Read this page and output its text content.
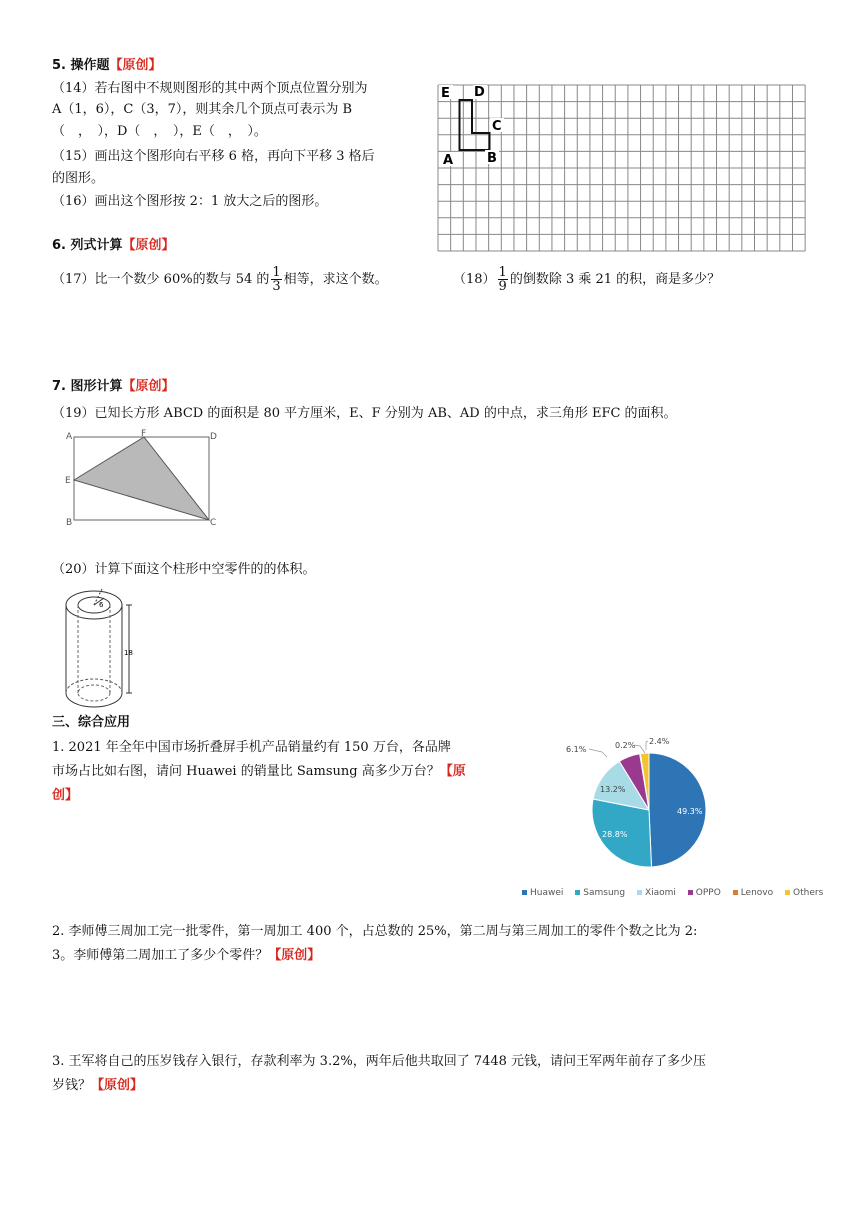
5. 操作题【原创】
（14）若右图中不规则图形的其中两个顶点位置分别为
A（1，6），C（3，7），则其余几个顶点可表示为 B
（　，　），D（　，　），E（　，　）。
（15）画出这个图形向右平移 6 格，再向下平移 3 格后
的图形。
（16）画出这个图形按 2：1 放大之后的图形。
E D
C
A	B
6. 列式计算【原创】
（17）比一个数少 60%的数与 54 的 $\frac{1}{3}$ 相等，求这个数。	$(18) \frac{1}{9}$ 的倒数除 3 乘 21 的积，商是多少？
7. 图形计算【原创】
（19）已知长方形 ABCD 的面积是 80 平方厘米，E、F 分别为 AB、AD 的中点，求三角形 EFC 的面积。
A	F	D
E
B	C
（20）计算下面这个柱形中空零件的的体积。
6
18
三、综合应用
1. 2021 年全年中国市场折叠屏手机产品销量约有 150 万台，各品牌
市场占比如右图，请问 Huawei 的销量比 Samsung 高多少万台？【原
创】
6.1%	0.2% 2.4%
49.3%
28.8%
13.2%
Huawei Samsung Xiaomi OPPO Lenovo Others
2. 李师傅三周加工完一批零件，第一周加工 400 个，占总数的 25%，第二周与第三周加工的零件个数之比为 2:
3。李师傅第二周加工了多少个零件？【原创】
3. 王军将自己的压岁钱存入银行，存款利率为 3.2%，两年后他共取回了 7448 元钱，请问王军两年前存了多少压
岁钱？【原创】
